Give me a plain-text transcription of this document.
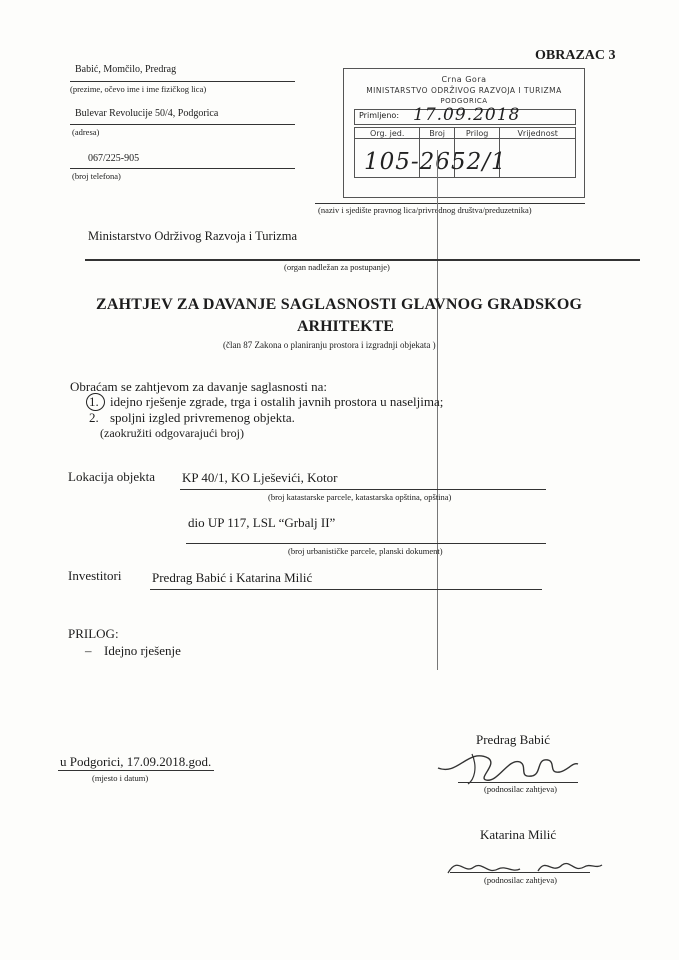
OBRAZAC 3
Babić, Momčilo, Predrag
(prezime, očevo ime i ime fizičkog lica)
Bulevar Revolucije 50/4, Podgorica
(adresa)
067/225-905
(broj telefona)
Crna Gora
MINISTARSTVO ODRŽIVOG RAZVOJA I TURIZMA
PODGORICA
Primljeno: 17.09.2018
Org. jed.	Broj	Prilog	Vrijednost

105-2652/1
(naziv i sjedište pravnog lica/privrednog društva/preduzetnika)
Ministarstvo Održivog Razvoja i Turizma
(organ nadležan za postupanje)
ZAHTJEV ZA DAVANJE SAGLASNOSTI GLAVNOG GRADSKOG
ARHITEKTE
(član 87 Zakona o planiranju prostora i izgradnji objekata )
Obraćam se zahtjevom za davanje saglasnosti na:
1. idejno rješenje zgrade, trga i ostalih javnih prostora u naseljima;
2. spoljni izgled privremenog objekta.
(zaokružiti odgovarajući broj)
Lokacija objekta KP 40/1, KO Lješevići, Kotor
(broj katastarske parcele, katastarska opština, opština)
dio UP 117, LSL “Grbalj II”
(broj urbanističke parcele, planski dokument)
Investitori Predrag Babić i Katarina Milić
PRILOG:
– Idejno rješenje
u Podgorici, 17.09.2018.god.
(mjesto i datum)
Predrag Babić
(podnosilac zahtjeva)
Katarina Milić
(podnosilac zahtjeva)
